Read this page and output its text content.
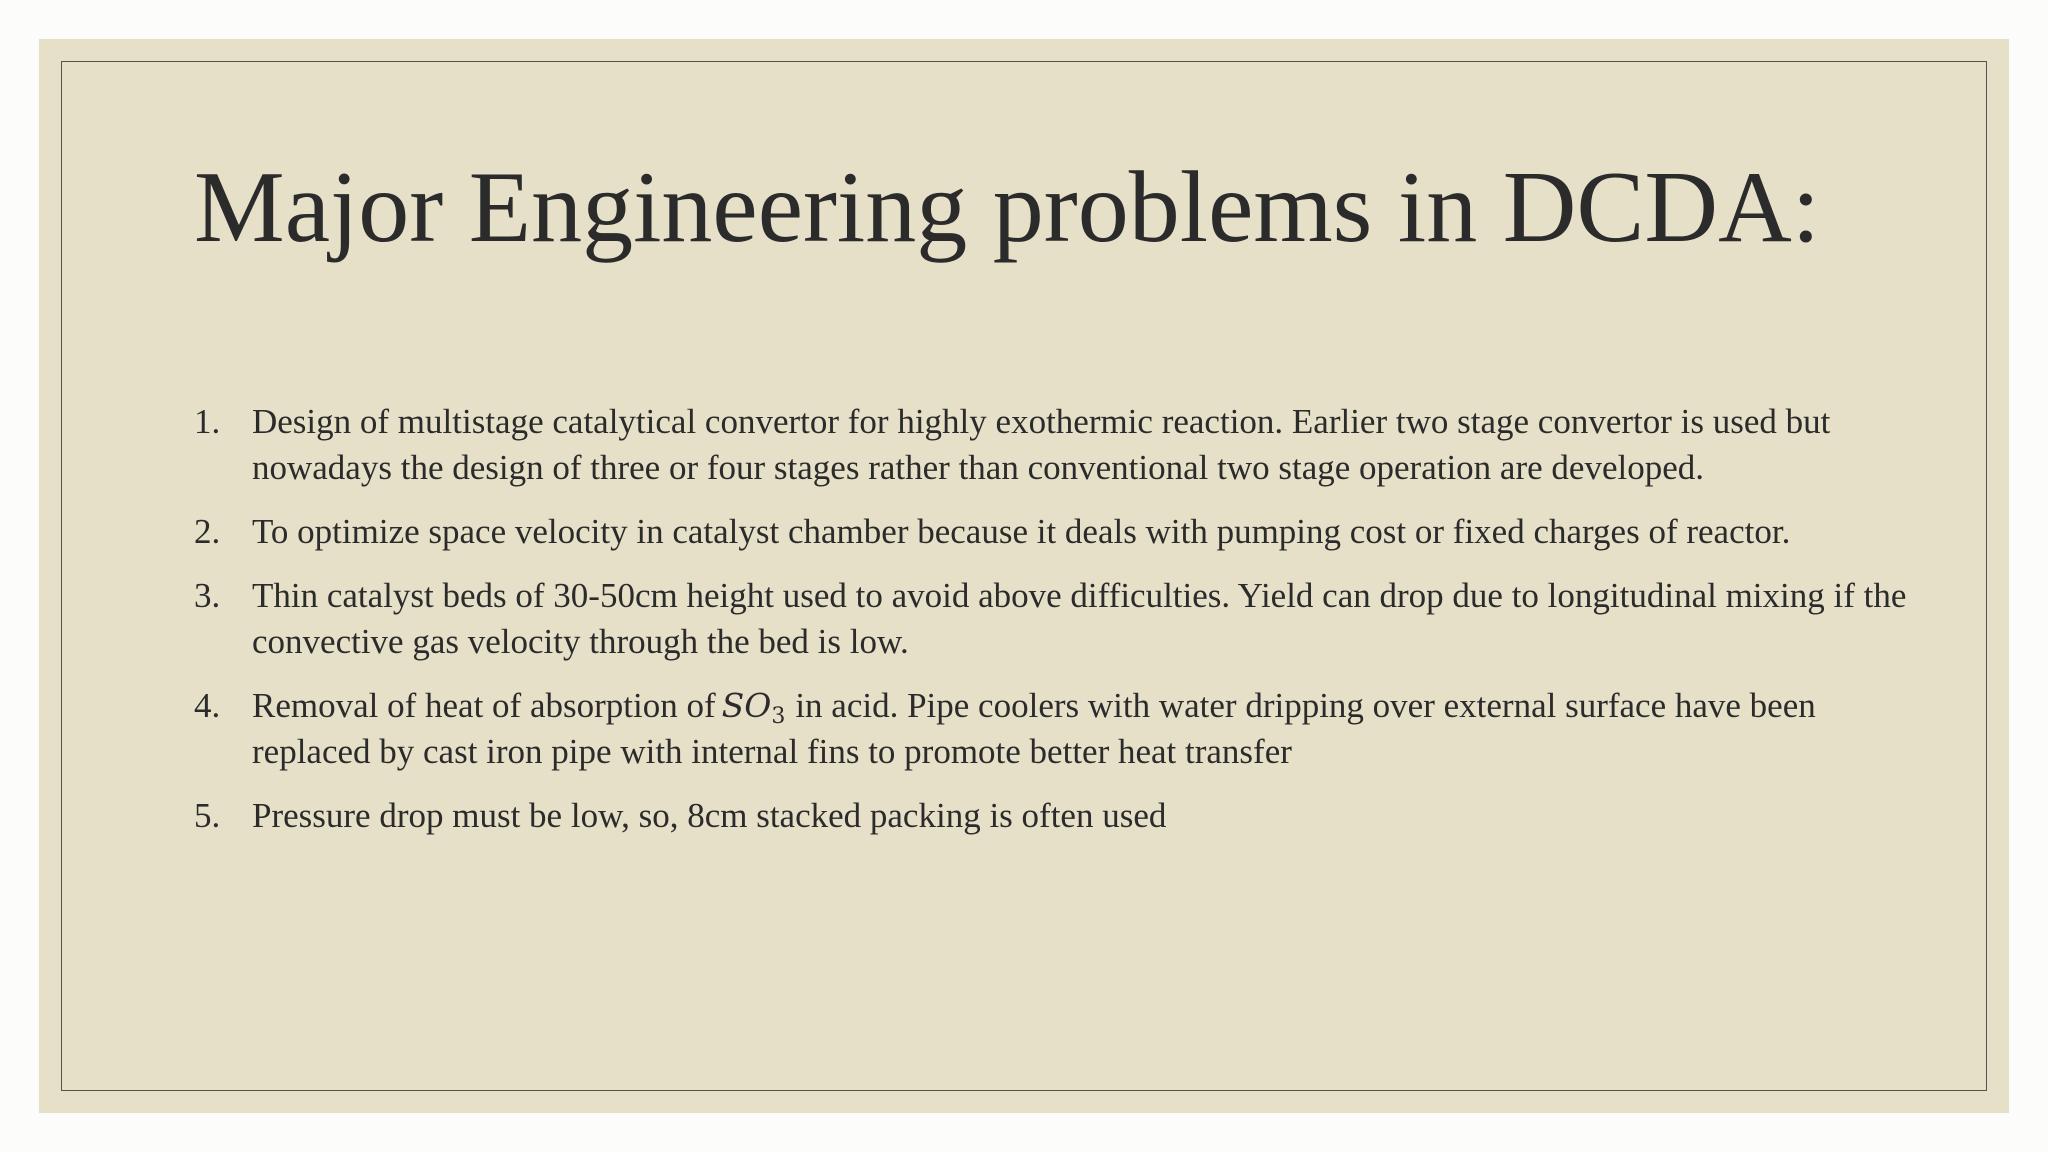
Major Engineering problems in DCDA:
1. Design of multistage catalytical convertor for highly exothermic reaction. Earlier two stage convertor is used but nowadays the design of three or four stages rather than conventional two stage operation are developed.
2. To optimize space velocity in catalyst chamber because it deals with pumping cost or fixed charges of reactor.
3. Thin catalyst beds of 30-50cm height used to avoid above difficulties. Yield can drop due to longitudinal mixing if the convective gas velocity through the bed is low.
4. Removal of heat of absorption of $SO_3$ in acid. Pipe coolers with water dripping over external surface have been replaced by cast iron pipe with internal fins to promote better heat transfer
5. Pressure drop must be low, so, 8cm stacked packing is often used
